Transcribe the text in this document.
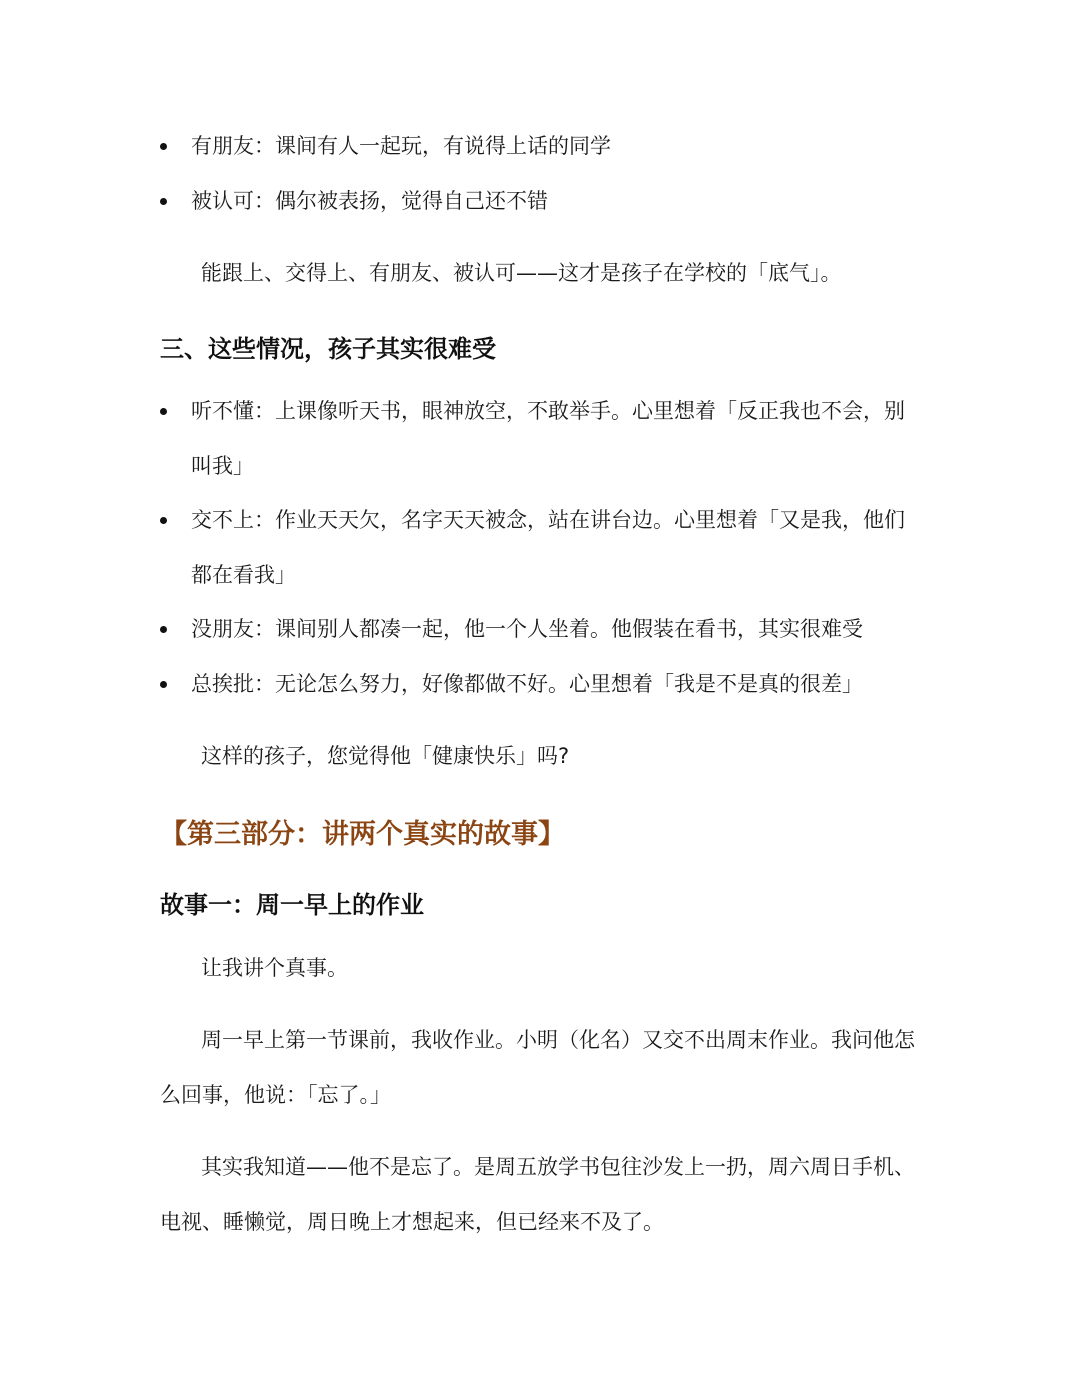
有朋友：课间有人一起玩，有说得上话的同学
被认可：偶尔被表扬，觉得自己还不错

能跟上、交得上、有朋友、被认可——这才是孩子在学校的「底气」。

三、这些情况，孩子其实很难受
听不懂：上课像听天书，眼神放空，不敢举手。心里想着「反正我也不会，别叫我」
交不上：作业天天欠，名字天天被念，站在讲台边。心里想着「又是我，他们都在看我」
没朋友：课间别人都凑一起，他一个人坐着。他假装在看书，其实很难受
总挨批：无论怎么努力，好像都做不好。心里想着「我是不是真的很差」

这样的孩子，您觉得他「健康快乐」吗?

【第三部分：讲两个真实的故事】
故事一：周一早上的作业

让我讲个真事。

周一早上第一节课前，我收作业。小明（化名）又交不出周末作业。我问他怎么回事，他说：「忘了。」

其实我知道——他不是忘了。是周五放学书包往沙发上一扔，周六周日手机、电视、睡懒觉，周日晚上才想起来，但已经来不及了。
